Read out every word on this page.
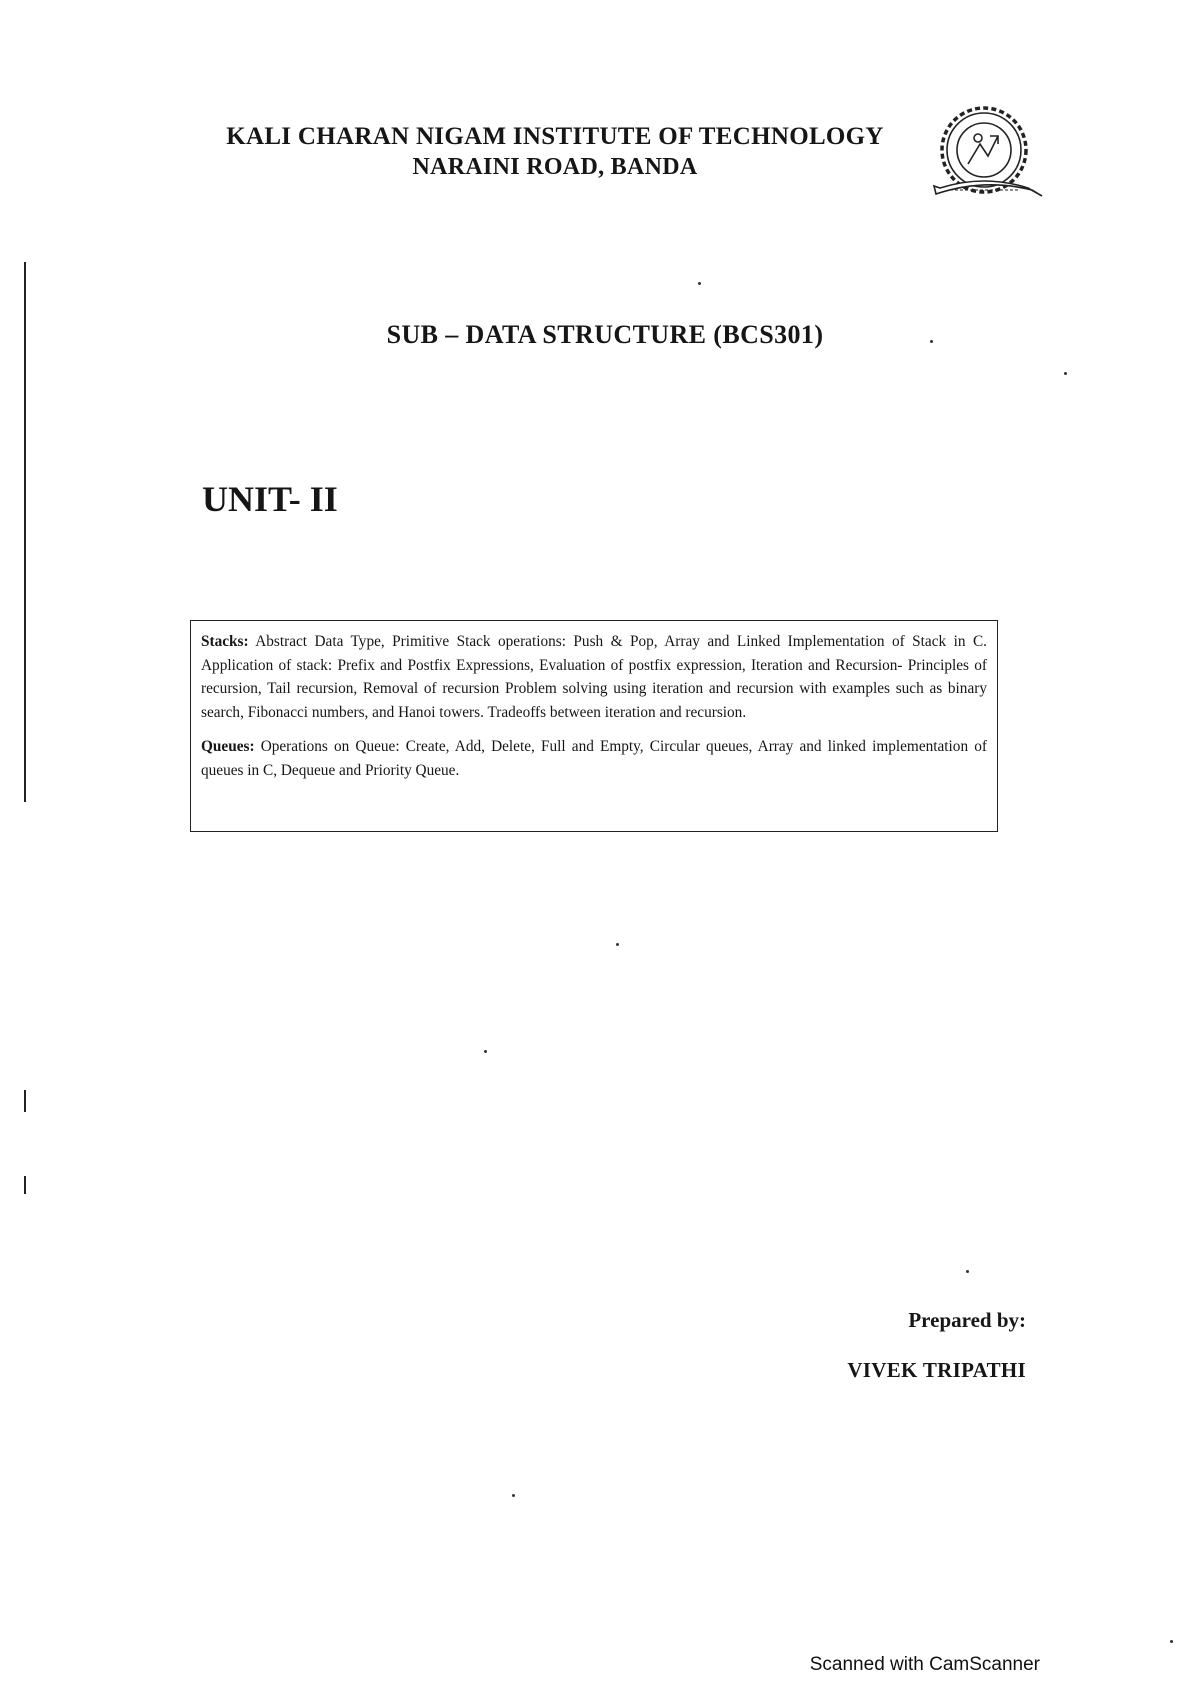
KALI CHARAN NIGAM INSTITUTE OF TECHNOLOGY
NARAINI ROAD, BANDA
SUB – DATA STRUCTURE (BCS301)
UNIT- II

Stacks: Abstract Data Type, Primitive Stack operations: Push & Pop, Array and Linked Implementation of Stack in C. Application of stack: Prefix and Postfix Expressions, Evaluation of postfix expression, Iteration and Recursion- Principles of recursion, Tail recursion, Removal of recursion Problem solving using iteration and recursion with examples such as binary search, Fibonacci numbers, and Hanoi towers. Tradeoffs between iteration and recursion.

Queues: Operations on Queue: Create, Add, Delete, Full and Empty, Circular queues, Array and linked implementation of queues in C, Dequeue and Priority Queue.

Prepared by:
VIVEK TRIPATHI
Scanned with CamScanner
